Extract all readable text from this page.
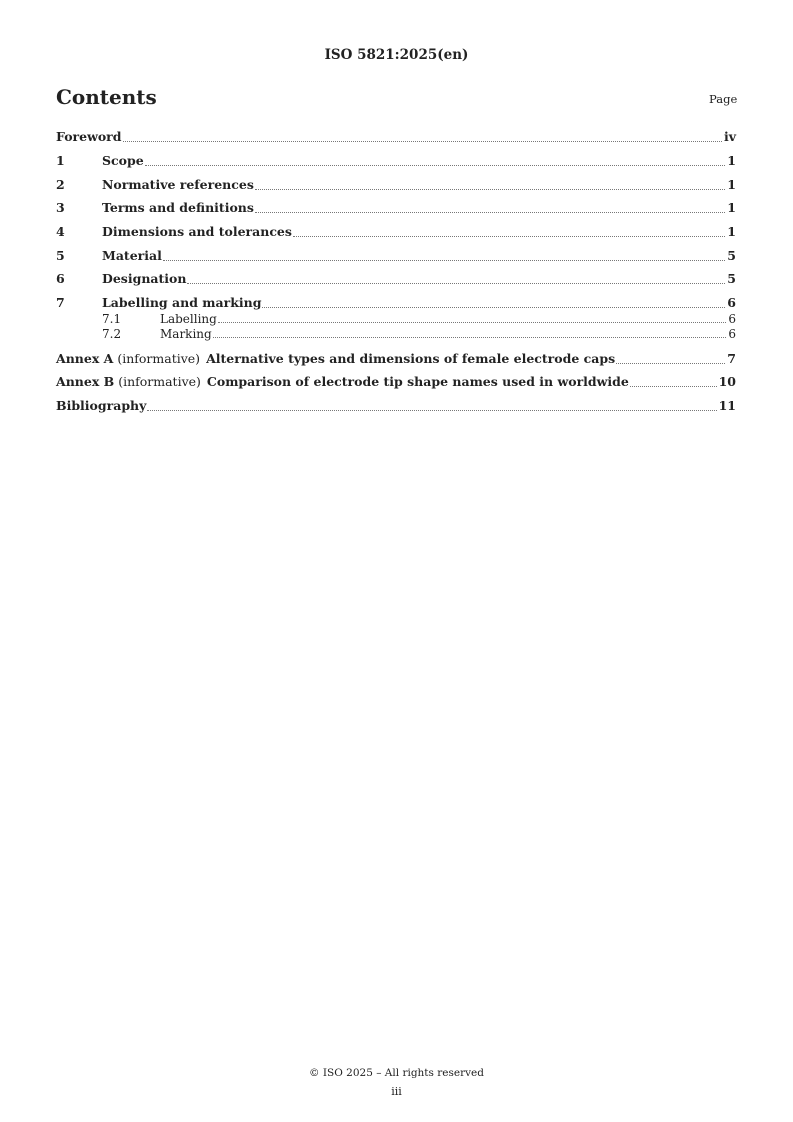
ISO 5821:2025(en)
Contents	Page
Foreword	iv
1	Scope	1
2	Normative references	1
3	Terms and definitions	1
4	Dimensions and tolerances	1
5	Material	5
6	Designation	5
7	Labelling and marking	6
7.1	Labelling	6
7.2	Marking	6
Annex A (informative) Alternative types and dimensions of female electrode caps	7
Annex B (informative) Comparison of electrode tip shape names used in worldwide	10
Bibliography	11
© ISO 2025 – All rights reserved
iii
